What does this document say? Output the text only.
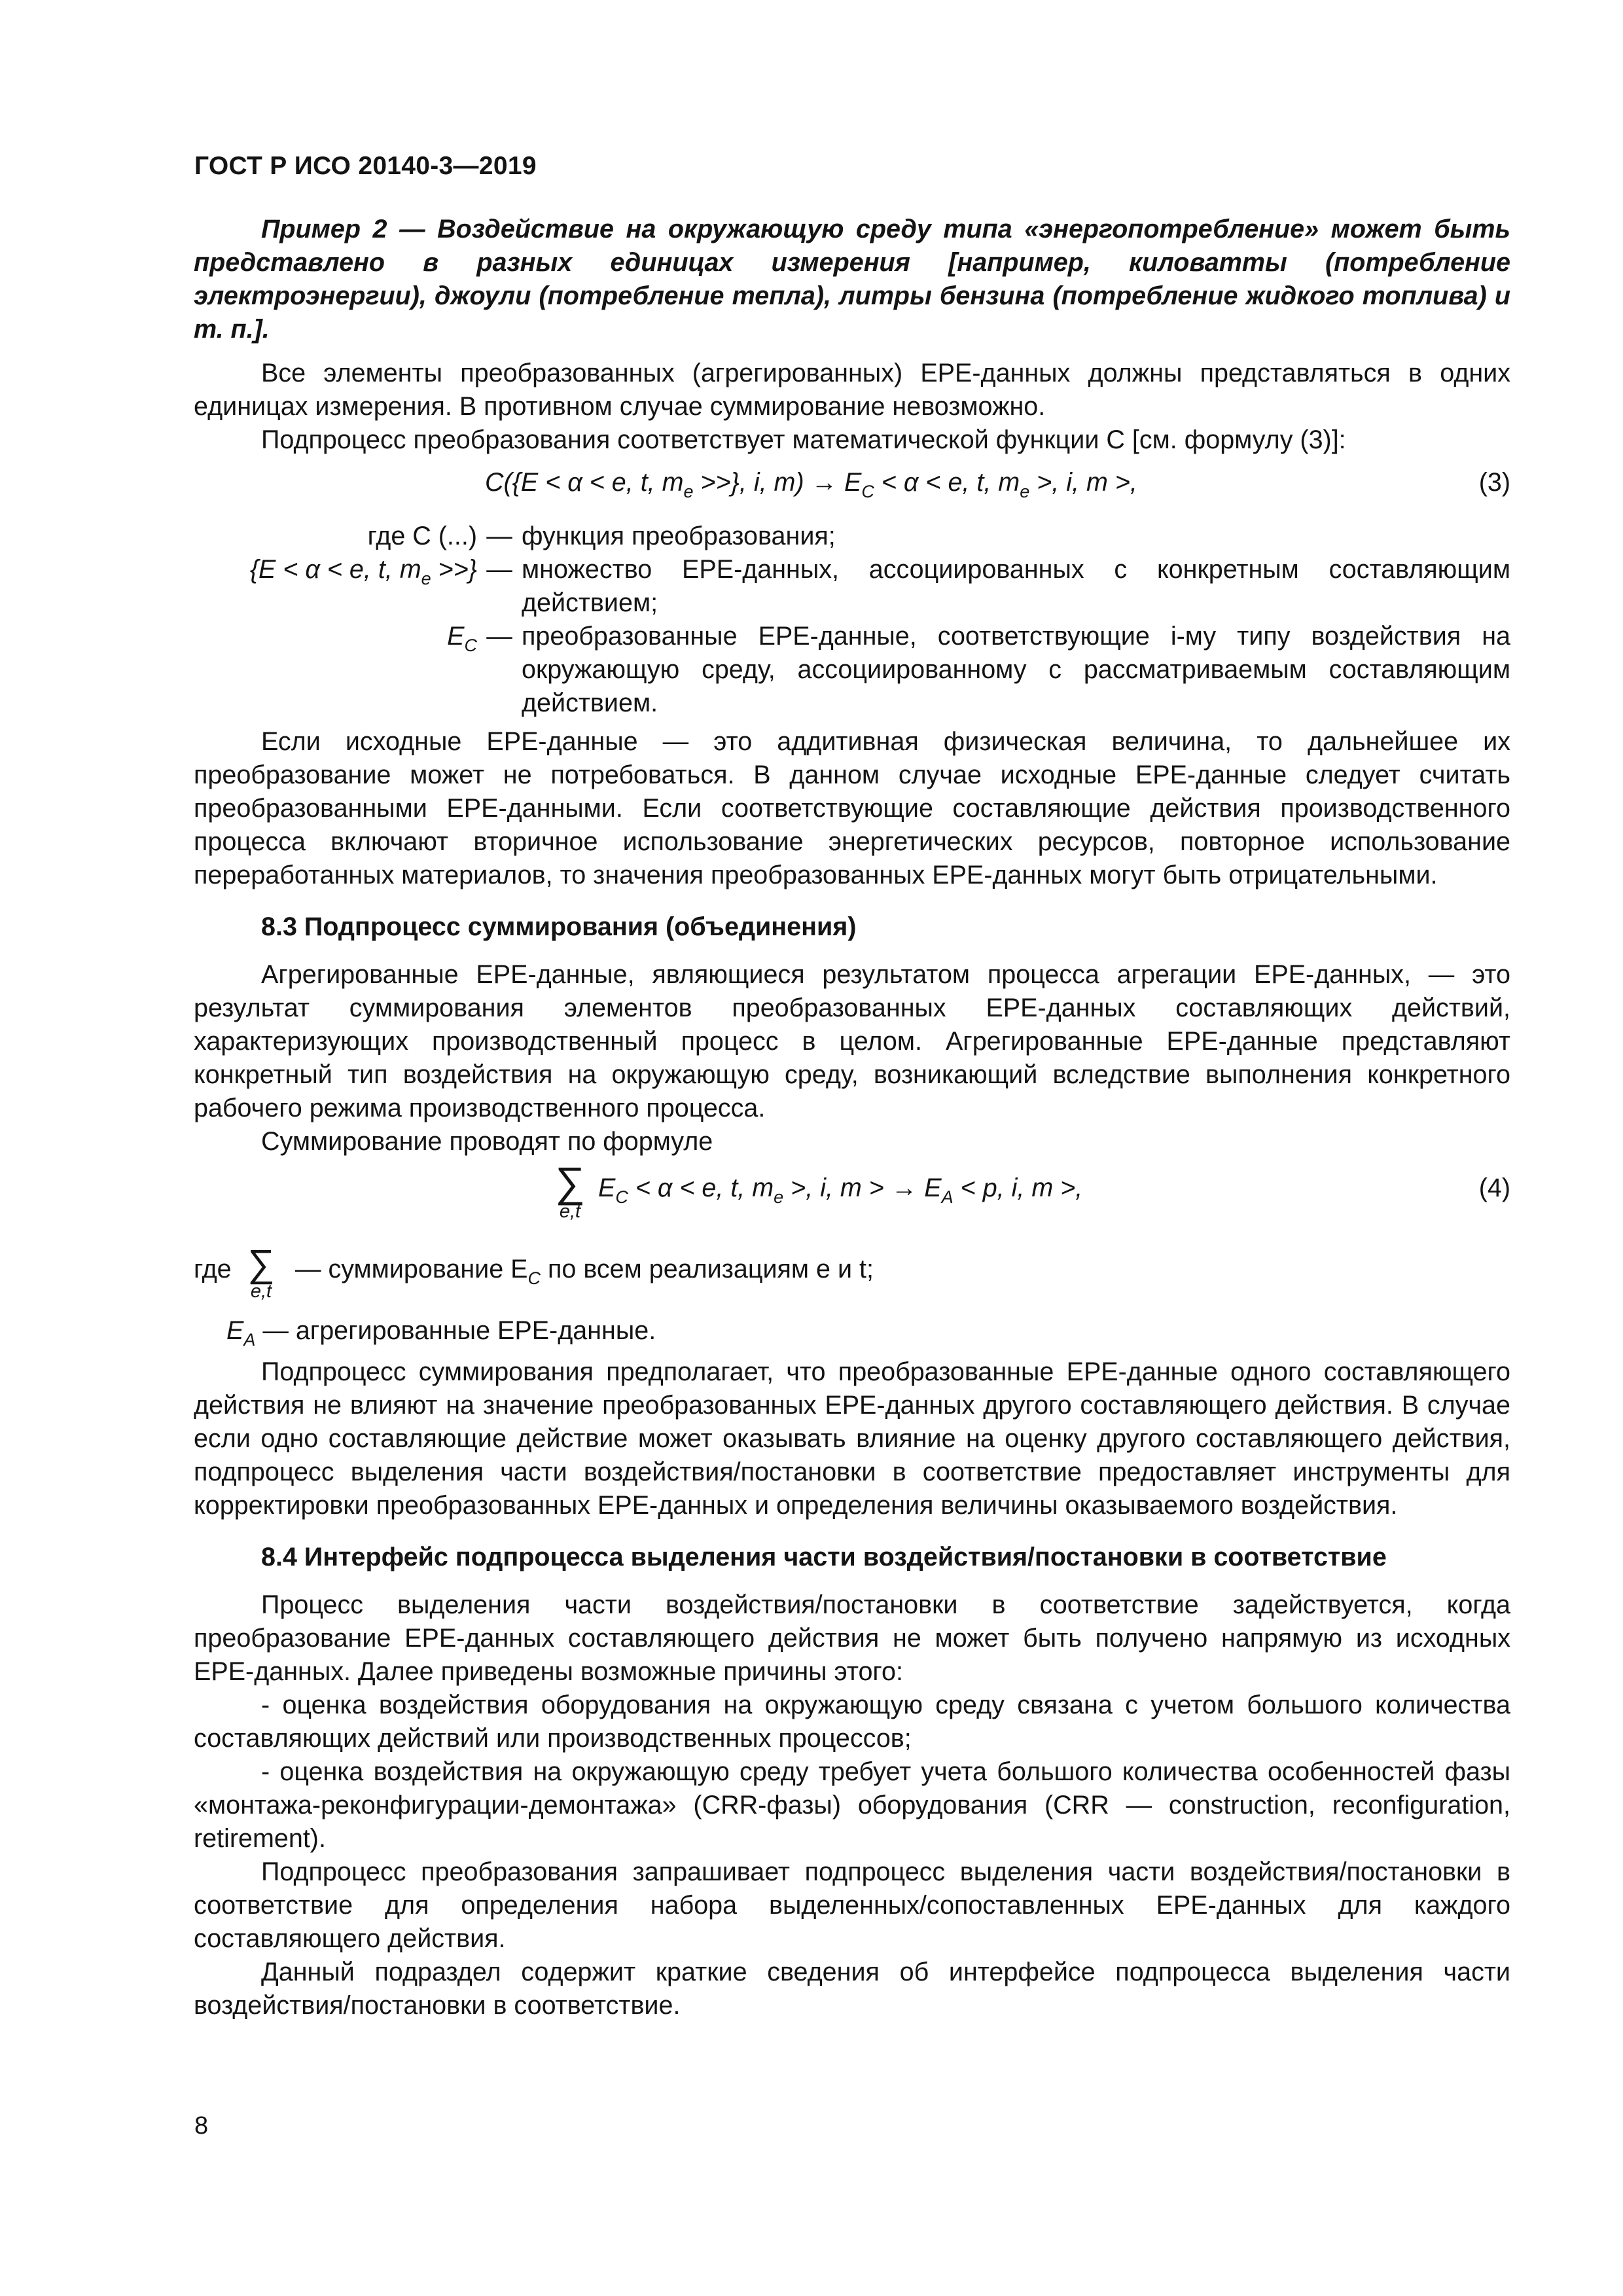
ГОСТ Р ИСО 20140-3—2019

Пример 2 — Воздействие на окружающую среду типа «энергопотребление» может быть представлено в разных единицах измерения [например, киловатты (потребление электроэнергии), джоули (потребление тепла), литры бензина (потребление жидкого топлива) и т. п.].

Все элементы преобразованных (агрегированных) EPE-данных должны представляться в одних единицах измерения. В противном случае суммирование невозможно.

Подпроцесс преобразования соответствует математической функции C [см. формулу (3)]:

C({E < α < e, t, $m_e$ >>}, i, $m) \to E_C < \alpha < e$, t, $m_e$ >, i, m >,	(3)
где C (...) — функция преобразования;
{E < α < e, t, $m_e$ >>} — множество EPE-данных, ассоциированных с конкретным составляющим действием;
$E_C$ — преобразованные EPE-данные, соответствующие i-му типу воздействия на окружающую среду, ассоциированному с рассматриваемым составляющим действием.

Если исходные EPE-данные — это аддитивная физическая величина, то дальнейшее их преобразование может не потребоваться. В данном случае исходные EPE-данные следует считать преобразованными EPE-данными. Если соответствующие составляющие действия производственного процесса включают вторичное использование энергетических ресурсов, повторное использование переработанных материалов, то значения преобразованных EPE-данных могут быть отрицательными.

8.3 Подпроцесс суммирования (объединения)

Агрегированные EPE-данные, являющиеся результатом процесса агрегации EPE-данных, — это результат суммирования элементов преобразованных EPE-данных составляющих действий, характеризующих производственный процесс в целом. Агрегированные EPE-данные представляют конкретный тип воздействия на окружающую среду, возникающий вследствие выполнения конкретного рабочего режима производственного процесса.

Суммирование проводят по формуле

∑
e,t
$E_C < \alpha < e$, t, $m_e$ >, i, m > → $E_A < p$, i, m >,	(4)
где ∑
e,t
— суммирование $E_C$ по всем реализациям e и t;

$E_A$ — агрегированные EPE-данные.

Подпроцесс суммирования предполагает, что преобразованные EPE-данные одного составляющего действия не влияют на значение преобразованных EPE-данных другого составляющего действия. В случае если одно составляющие действие может оказывать влияние на оценку другого составляющего действия, подпроцесс выделения части воздействия/постановки в соответствие предоставляет инструменты для корректировки преобразованных EPE-данных и определения величины оказываемого воздействия.

8.4 Интерфейс подпроцесса выделения части воздействия/постановки в соответствие

Процесс выделения части воздействия/постановки в соответствие задействуется, когда преобразование EPE-данных составляющего действия не может быть получено напрямую из исходных EPE-данных. Далее приведены возможные причины этого:

- оценка воздействия оборудования на окружающую среду связана с учетом большого количества составляющих действий или производственных процессов;

- оценка воздействия на окружающую среду требует учета большого количества особенностей фазы «монтажа-реконфигурации-демонтажа» (CRR-фазы) оборудования (CRR — construction, reconfiguration, retirement).

Подпроцесс преобразования запрашивает подпроцесс выделения части воздействия/постановки в соответствие для определения набора выделенных/сопоставленных EPE-данных для каждого составляющего действия.

Данный подраздел содержит краткие сведения об интерфейсе подпроцесса выделения части воздействия/постановки в соответствие.

8
